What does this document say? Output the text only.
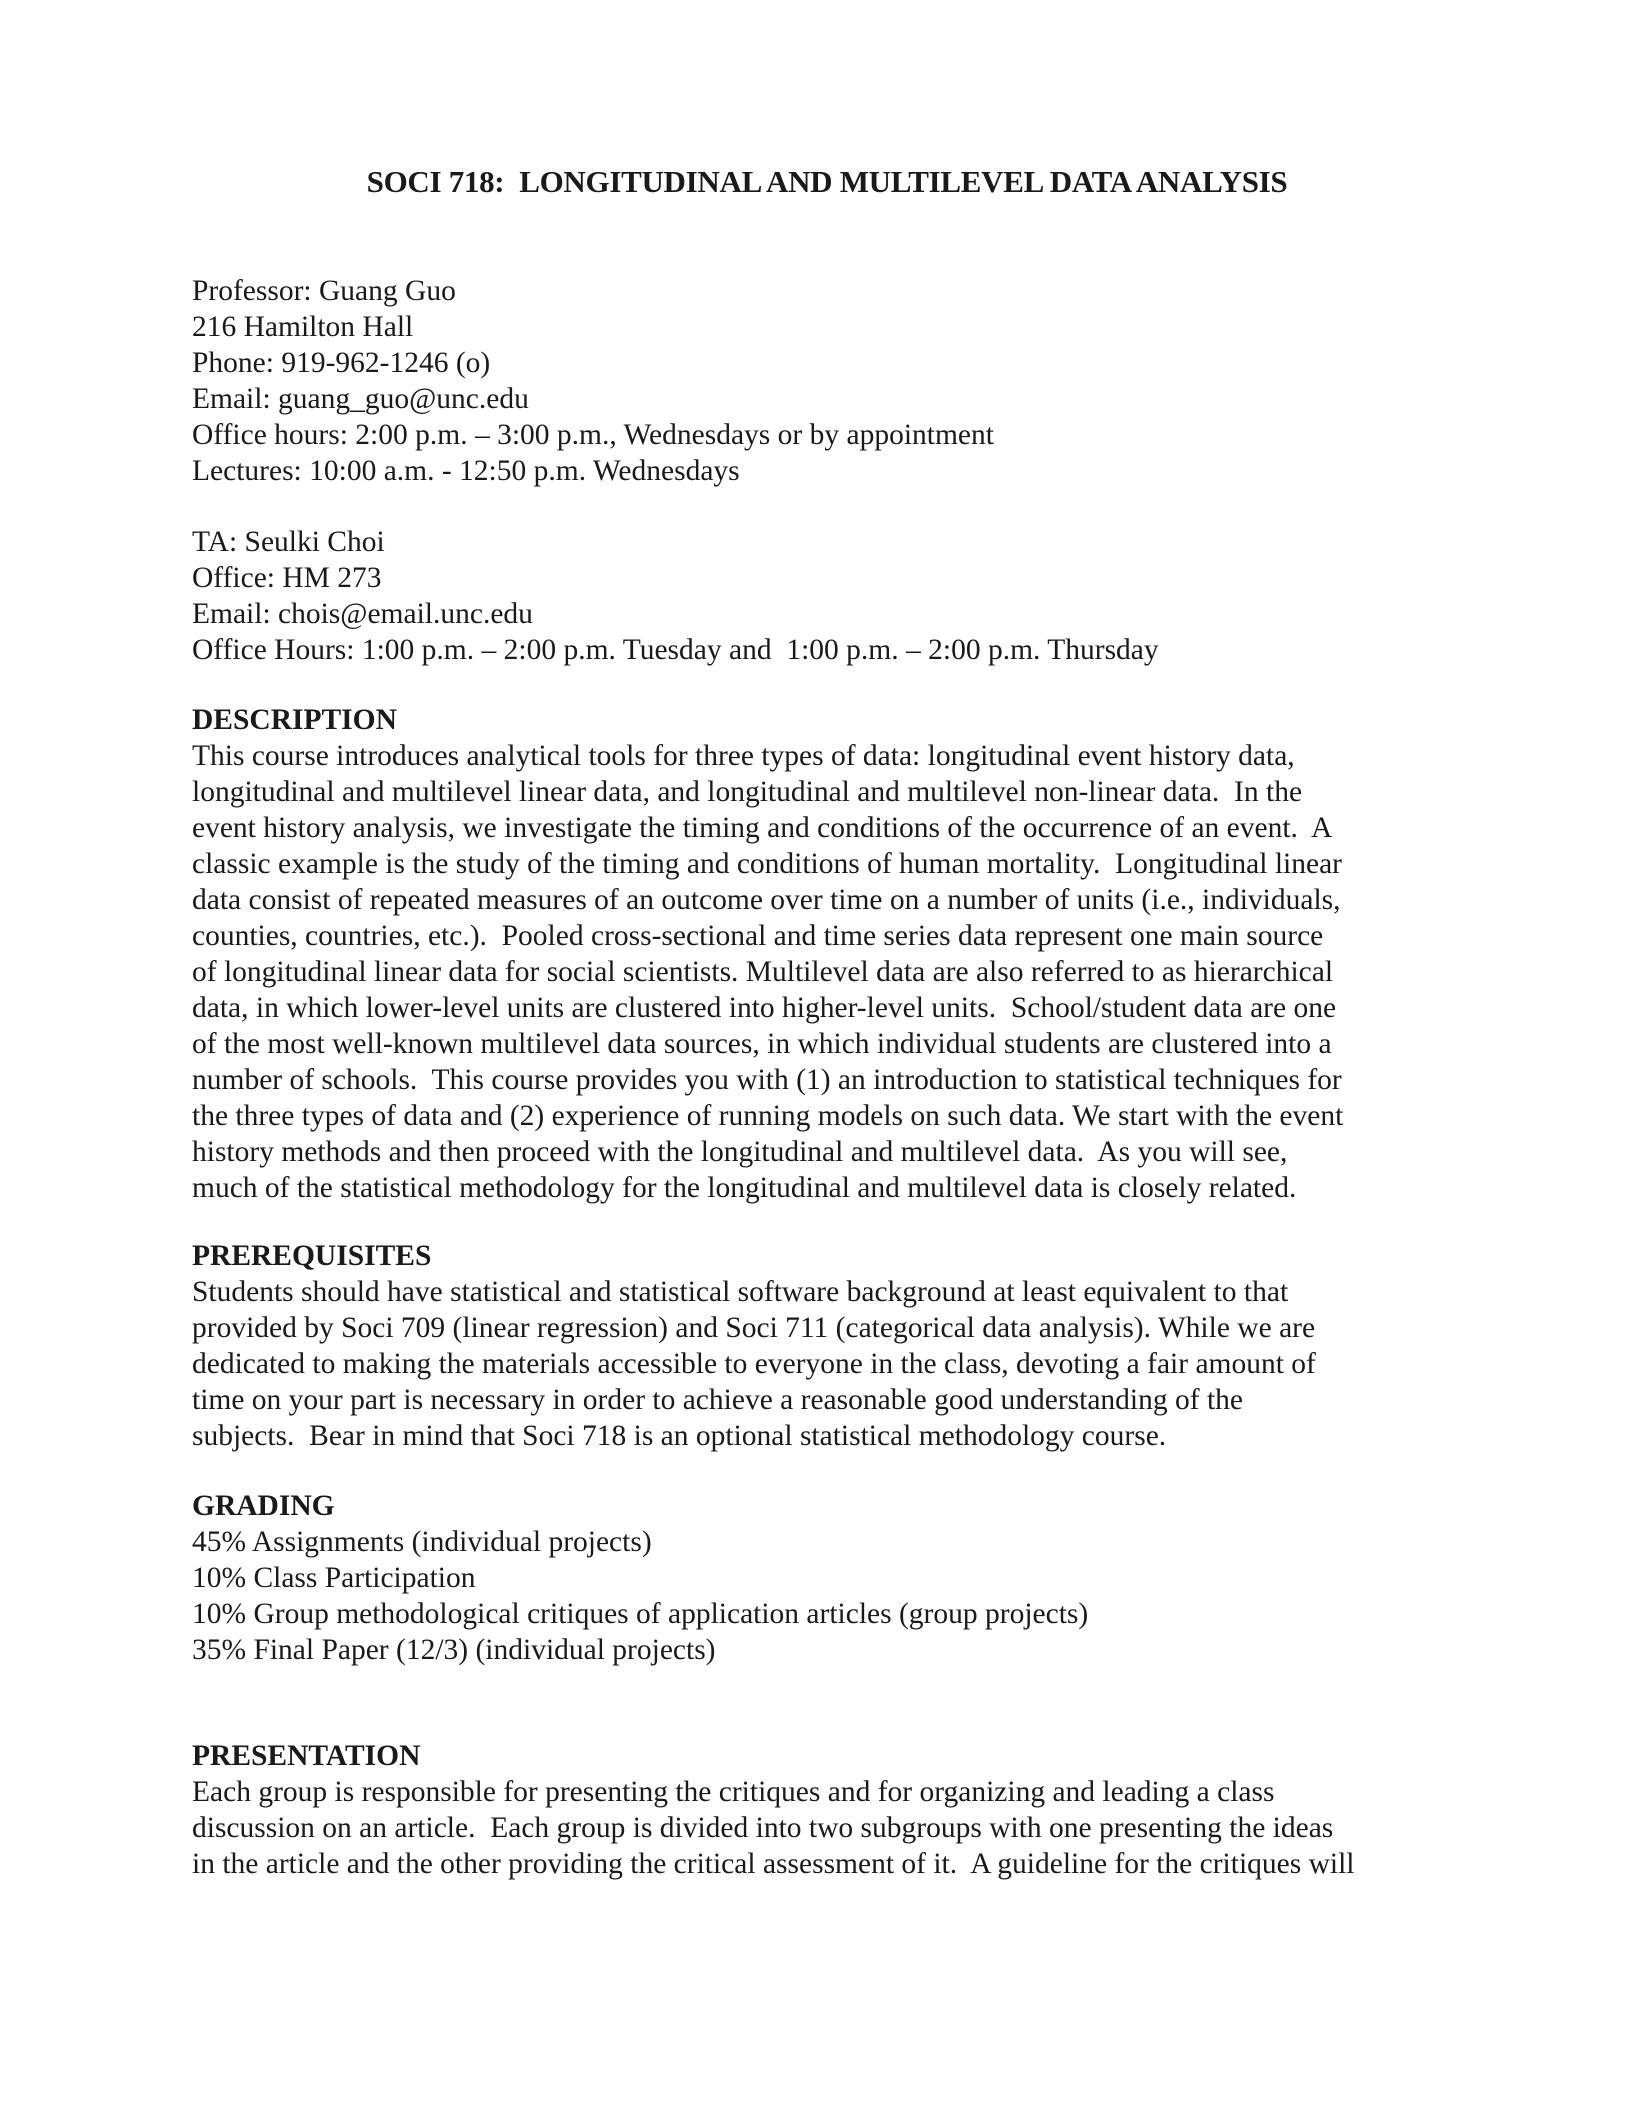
SOCI 718:  LONGITUDINAL AND MULTILEVEL DATA ANALYSIS
Professor: Guang Guo
216 Hamilton Hall
Phone: 919-962-1246 (o)
Email: guang_guo@unc.edu
Office hours: 2:00 p.m. – 3:00 p.m., Wednesdays or by appointment
Lectures: 10:00 a.m. - 12:50 p.m. Wednesdays
TA: Seulki Choi
Office: HM 273
Email: chois@email.unc.edu
Office Hours: 1:00 p.m. – 2:00 p.m. Tuesday and  1:00 p.m. – 2:00 p.m. Thursday
DESCRIPTION
This course introduces analytical tools for three types of data: longitudinal event history data,
longitudinal and multilevel linear data, and longitudinal and multilevel non-linear data.  In the
event history analysis, we investigate the timing and conditions of the occurrence of an event.  A
classic example is the study of the timing and conditions of human mortality.  Longitudinal linear
data consist of repeated measures of an outcome over time on a number of units (i.e., individuals,
counties, countries, etc.).  Pooled cross-sectional and time series data represent one main source
of longitudinal linear data for social scientists. Multilevel data are also referred to as hierarchical
data, in which lower-level units are clustered into higher-level units.  School/student data are one
of the most well-known multilevel data sources, in which individual students are clustered into a
number of schools.  This course provides you with (1) an introduction to statistical techniques for
the three types of data and (2) experience of running models on such data. We start with the event
history methods and then proceed with the longitudinal and multilevel data.  As you will see,
much of the statistical methodology for the longitudinal and multilevel data is closely related.
PREREQUISITES
Students should have statistical and statistical software background at least equivalent to that
provided by Soci 709 (linear regression) and Soci 711 (categorical data analysis). While we are
dedicated to making the materials accessible to everyone in the class, devoting a fair amount of
time on your part is necessary in order to achieve a reasonable good understanding of the
subjects.  Bear in mind that Soci 718 is an optional statistical methodology course.
GRADING
45% Assignments (individual projects)
10% Class Participation
10% Group methodological critiques of application articles (group projects)
35% Final Paper (12/3) (individual projects)
PRESENTATION
Each group is responsible for presenting the critiques and for organizing and leading a class
discussion on an article.  Each group is divided into two subgroups with one presenting the ideas
in the article and the other providing the critical assessment of it.  A guideline for the critiques will
